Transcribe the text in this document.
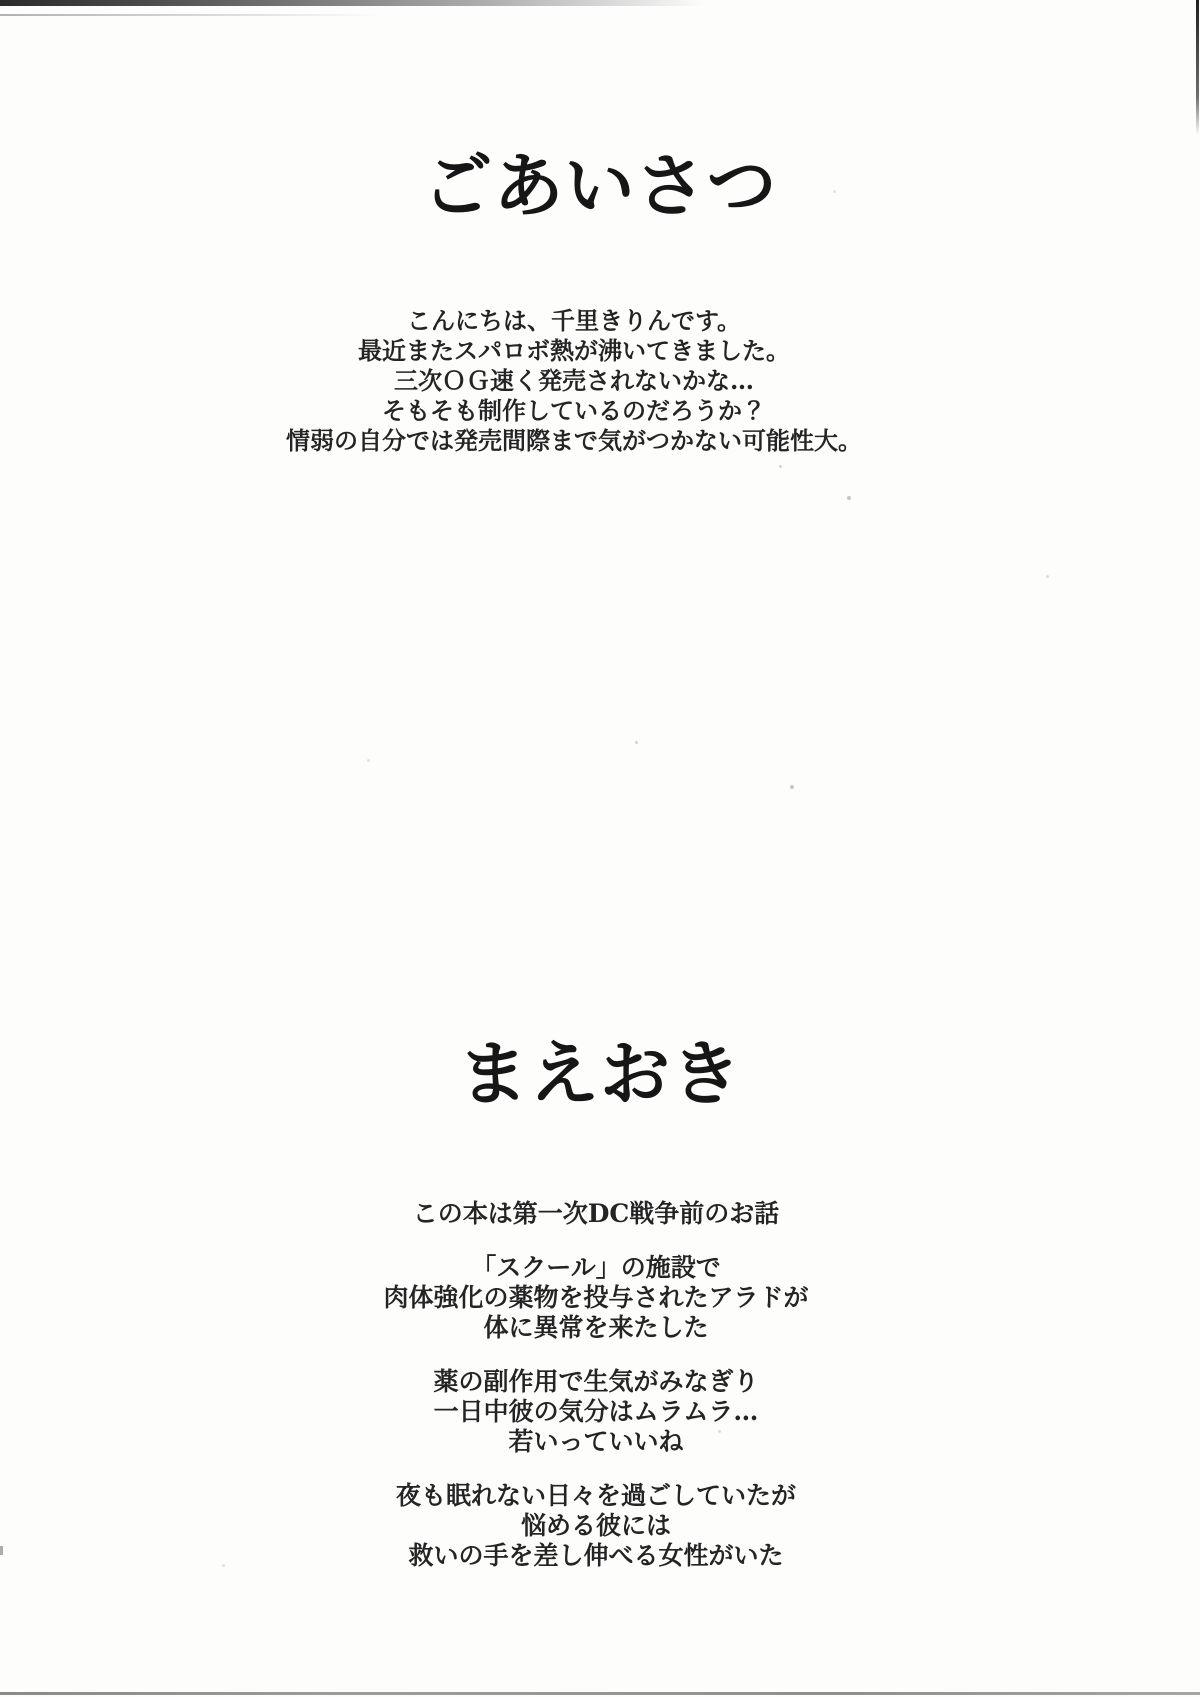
ごあいさつ
こんにちは、千里きりんです。
最近またスパロボ熱が沸いてきました。
三次ＯＧ速く発売されないかな…
そもそも制作しているのだろうか？
情弱の自分では発売間際まで気がつかない可能性大。
まえおき

この本は第一次DC戦争前のお話

「スクール」の施設で
肉体強化の薬物を投与されたアラドが
体に異常を来たした

薬の副作用で生気がみなぎり
一日中彼の気分はムラムラ…
若いっていいね

夜も眠れない日々を過ごしていたが
悩める彼には
救いの手を差し伸べる女性がいた
